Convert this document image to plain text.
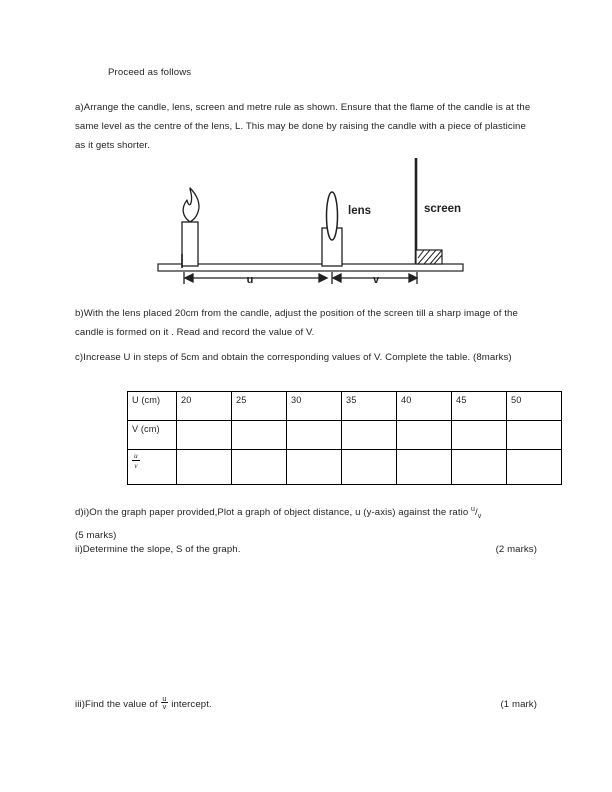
Proceed as follows
a)Arrange the candle, lens, screen and metre rule as shown. Ensure that the flame of the candle is at the same level as the centre of the lens, L. This may be done by raising the candle with a piece of plasticine as it gets shorter.
lens	screen
u	v
b)With the lens placed 20cm from the candle, adjust the position of the screen till a sharp image of the candle is formed on it . Read and record the value of V.
c)Increase U in steps of 5cm and obtain the corresponding values of V. Complete the table. (8marks)
U (cm)	20	25	30	35	40	45	50
V (cm)							

$\frac{u}{v}$

d)i)On the graph paper provided,Plot a graph of object distance, u (y-axis) against the ratio $^u/_v$
(5 marks)
(2 marks)
ii)Determine the slope, S of the graph.
(1 mark)
iii)Find the value of $\frac{u}{v}$ intercept.
